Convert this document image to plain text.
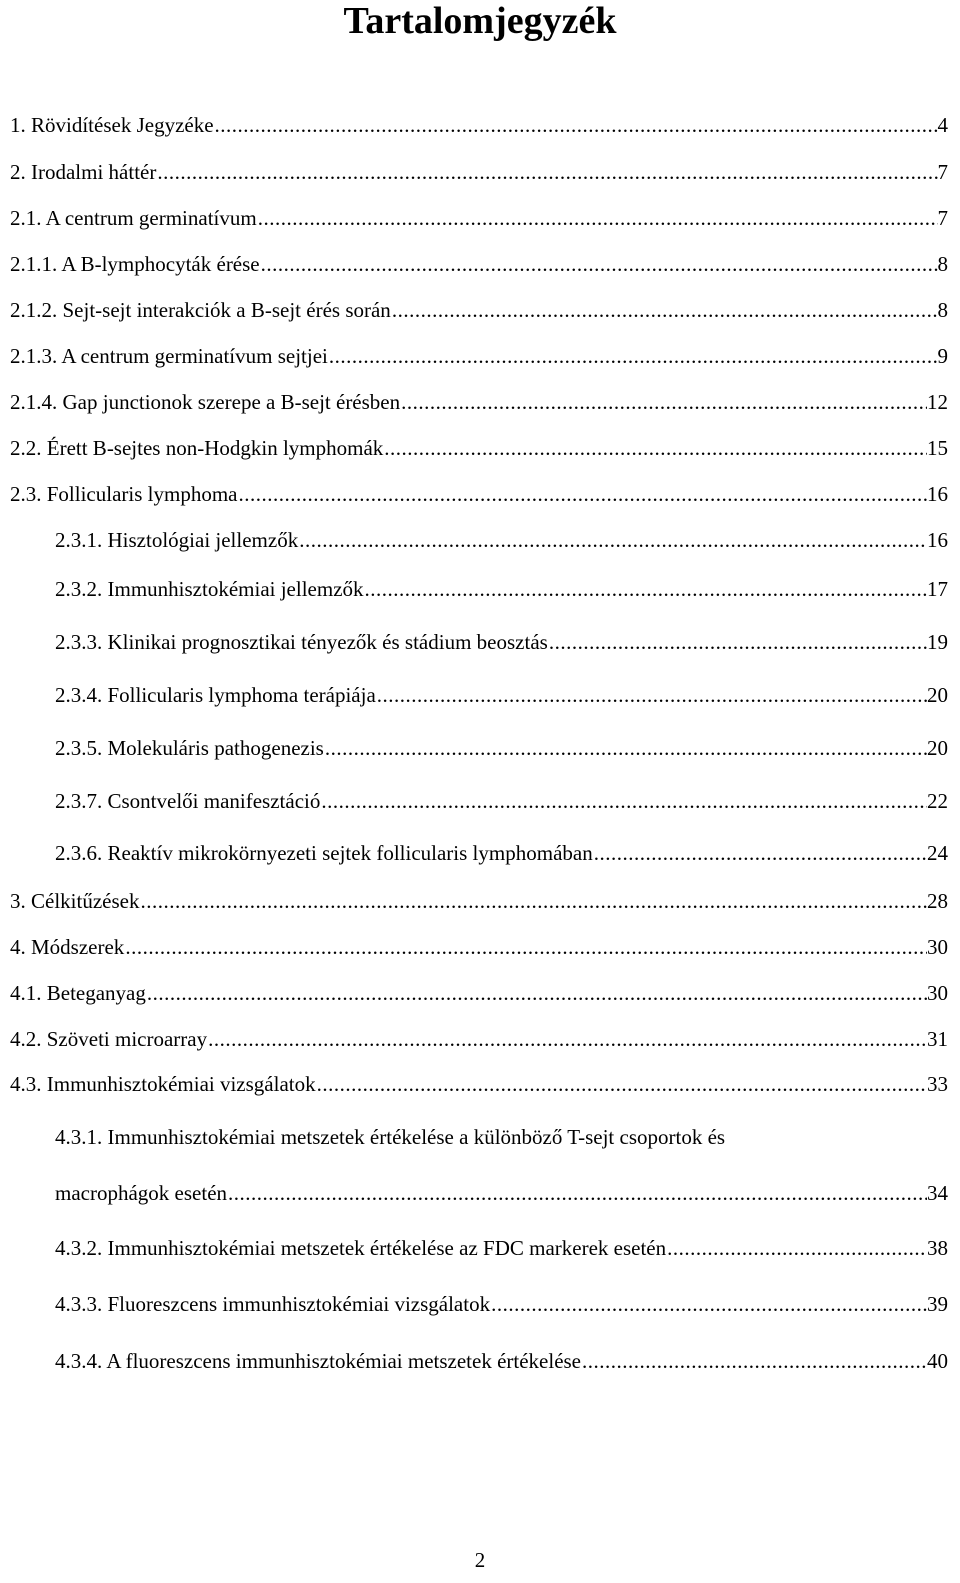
Tartalomjegyzék
1. Rövidítések Jegyzéke .....	4
2. Irodalmi háttér .....	7
2.1. A centrum germinatívum .....	7
2.1.1. A B-lymphocyták érése .....	8
2.1.2. Sejt-sejt interakciók a B-sejt érés során .....	8
2.1.3. A centrum germinatívum sejtjei .....	9
2.1.4. Gap junctionok szerepe a B-sejt érésben .....	12
2.2. Érett B-sejtes non-Hodgkin lymphomák .....	15
2.3. Follicularis lymphoma .....	16
2.3.1. Hisztológiai jellemzők .....	16
2.3.2. Immunhisztokémiai jellemzők .....	17
2.3.3. Klinikai prognosztikai tényezők és stádium beosztás .....	19
2.3.4. Follicularis lymphoma terápiája .....	20
2.3.5. Molekuláris pathogenezis .....	20
2.3.7. Csontvelői manifesztáció .....	22
2.3.6. Reaktív mikrokörnyezeti sejtek follicularis lymphomában .....	24
3. Célkitűzések .....	28
4. Módszerek .....	30
4.1. Beteganyag .....	30
4.2. Szöveti microarray .....	31
4.3. Immunhisztokémiai vizsgálatok .....	33
4.3.1. Immunhisztokémiai metszetek értékelése a különböző T-sejt csoportok és
macrophágok esetén .....	34
4.3.2. Immunhisztokémiai metszetek értékelése az FDC markerek esetén .....	38
4.3.3. Fluoreszcens immunhisztokémiai vizsgálatok .....	39
4.3.4. A fluoreszcens immunhisztokémiai metszetek értékelése .....	40
2
